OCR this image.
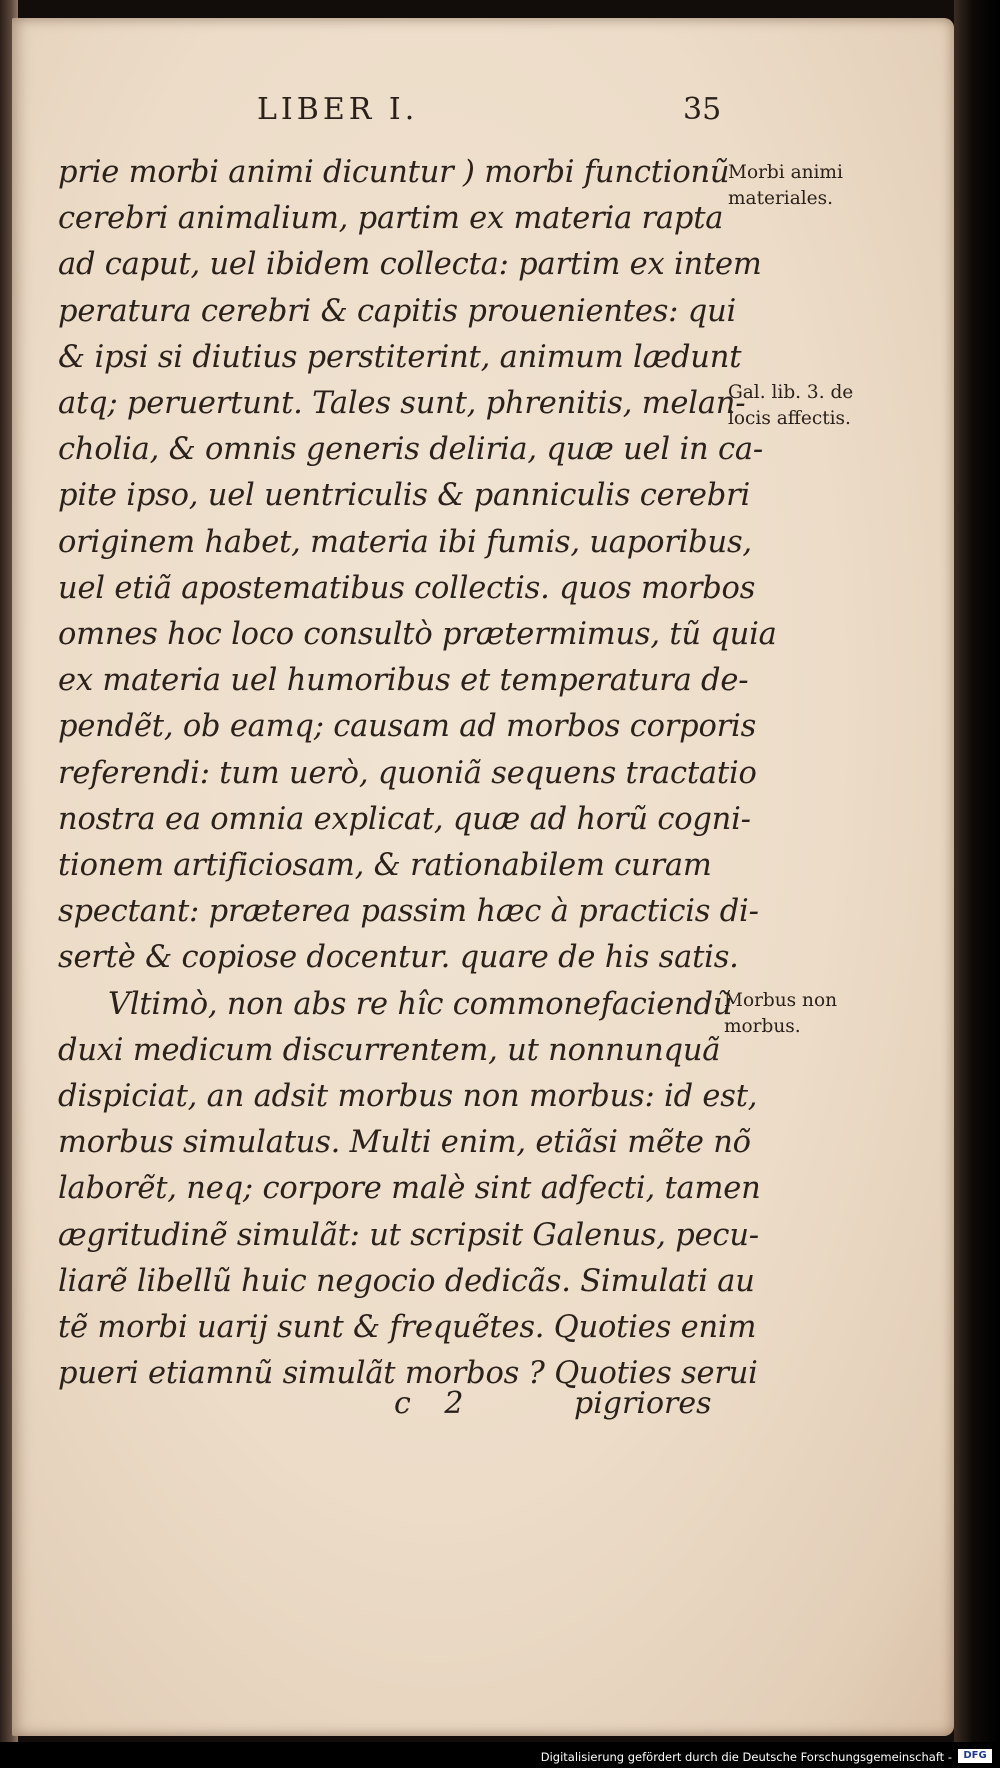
LIBER I.	35
prie morbi animi dicuntur ) morbi functionũ
cerebri animalium, partim ex materia rapta
ad caput, uel ibidem collecta: partim ex intem
peratura cerebri & capitis prouenientes: qui
& ipsi si diutius perstiterint, animum lædunt
atq; peruertunt. Tales sunt, phrenitis, melan-
cholia, & omnis generis deliria, quæ uel in ca-
pite ipso, uel uentriculis & panniculis cerebri
originem habet, materia ibi fumis, uaporibus,
uel etiã apostematibus collectis. quos morbos
omnes hoc loco consultò prætermimus, tũ quia
ex materia uel humoribus et temperatura de-
pendẽt, ob eamq; causam ad morbos corporis
referendi: tum uerò, quoniã sequens tractatio
nostra ea omnia explicat, quæ ad horũ cogni-
tionem artificiosam, & rationabilem curam
spectant: præterea passim hæc à practicis di-
sertè & copiose docentur. quare de his satis.
Vltimò, non abs re hîc commonefaciendũ
duxi medicum discurrentem, ut nonnunquã
dispiciat, an adsit morbus non morbus: id est,
morbus simulatus. Multi enim, etiãsi mẽte nõ
laborẽt, neq; corpore malè sint adfecti, tamen
ægritudinẽ simulãt: ut scripsit Galenus, pecu-
liarẽ libellũ huic negocio dedicãs. Simulati au
tẽ morbi uarij sunt & frequẽtes. Quoties enim
pueri etiamnũ simulãt morbos ? Quoties serui
Morbi animi
materiales.
Gal. lib. 3. de
locis affectis.
Morbus non
morbus.
c 2	pigriores
Digitalisierung gefördert durch die Deutsche Forschungsgemeinschaft -	DFG
